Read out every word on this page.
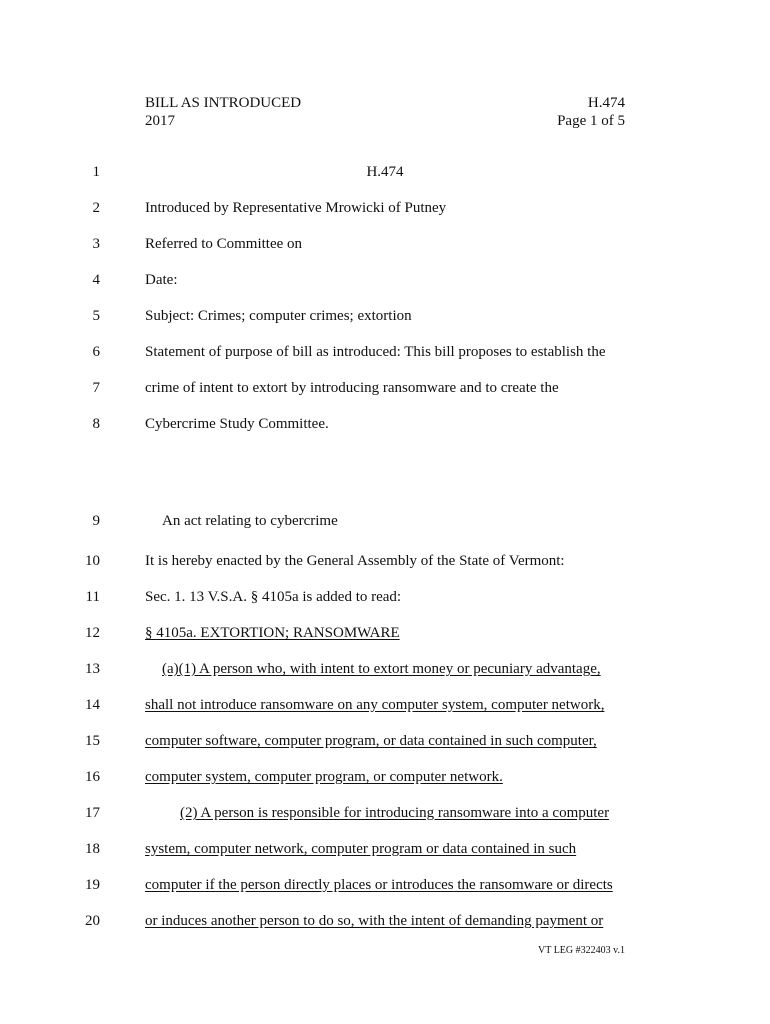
BILL AS INTRODUCED
2017
H.474
Page 1 of 5
1	H.474
2	Introduced by Representative Mrowicki of Putney
3	Referred to Committee on
4	Date:
5	Subject: Crimes; computer crimes; extortion
6	Statement of purpose of bill as introduced: This bill proposes to establish the
7	crime of intent to extort by introducing ransomware and to create the
8	Cybercrime Study Committee.
9	An act relating to cybercrime
10	It is hereby enacted by the General Assembly of the State of Vermont:
11	Sec. 1. 13 V.S.A. § 4105a is added to read:
12	§ 4105a. EXTORTION; RANSOMWARE
13	(a)(1) A person who, with intent to extort money or pecuniary advantage,
14	shall not introduce ransomware on any computer system, computer network,
15	computer software, computer program, or data contained in such computer,
16	computer system, computer program, or computer network.
17	(2) A person is responsible for introducing ransomware into a computer
18	system, computer network, computer program or data contained in such
19	computer if the person directly places or introduces the ransomware or directs
20	or induces another person to do so, with the intent of demanding payment or
VT LEG #322403 v.1
